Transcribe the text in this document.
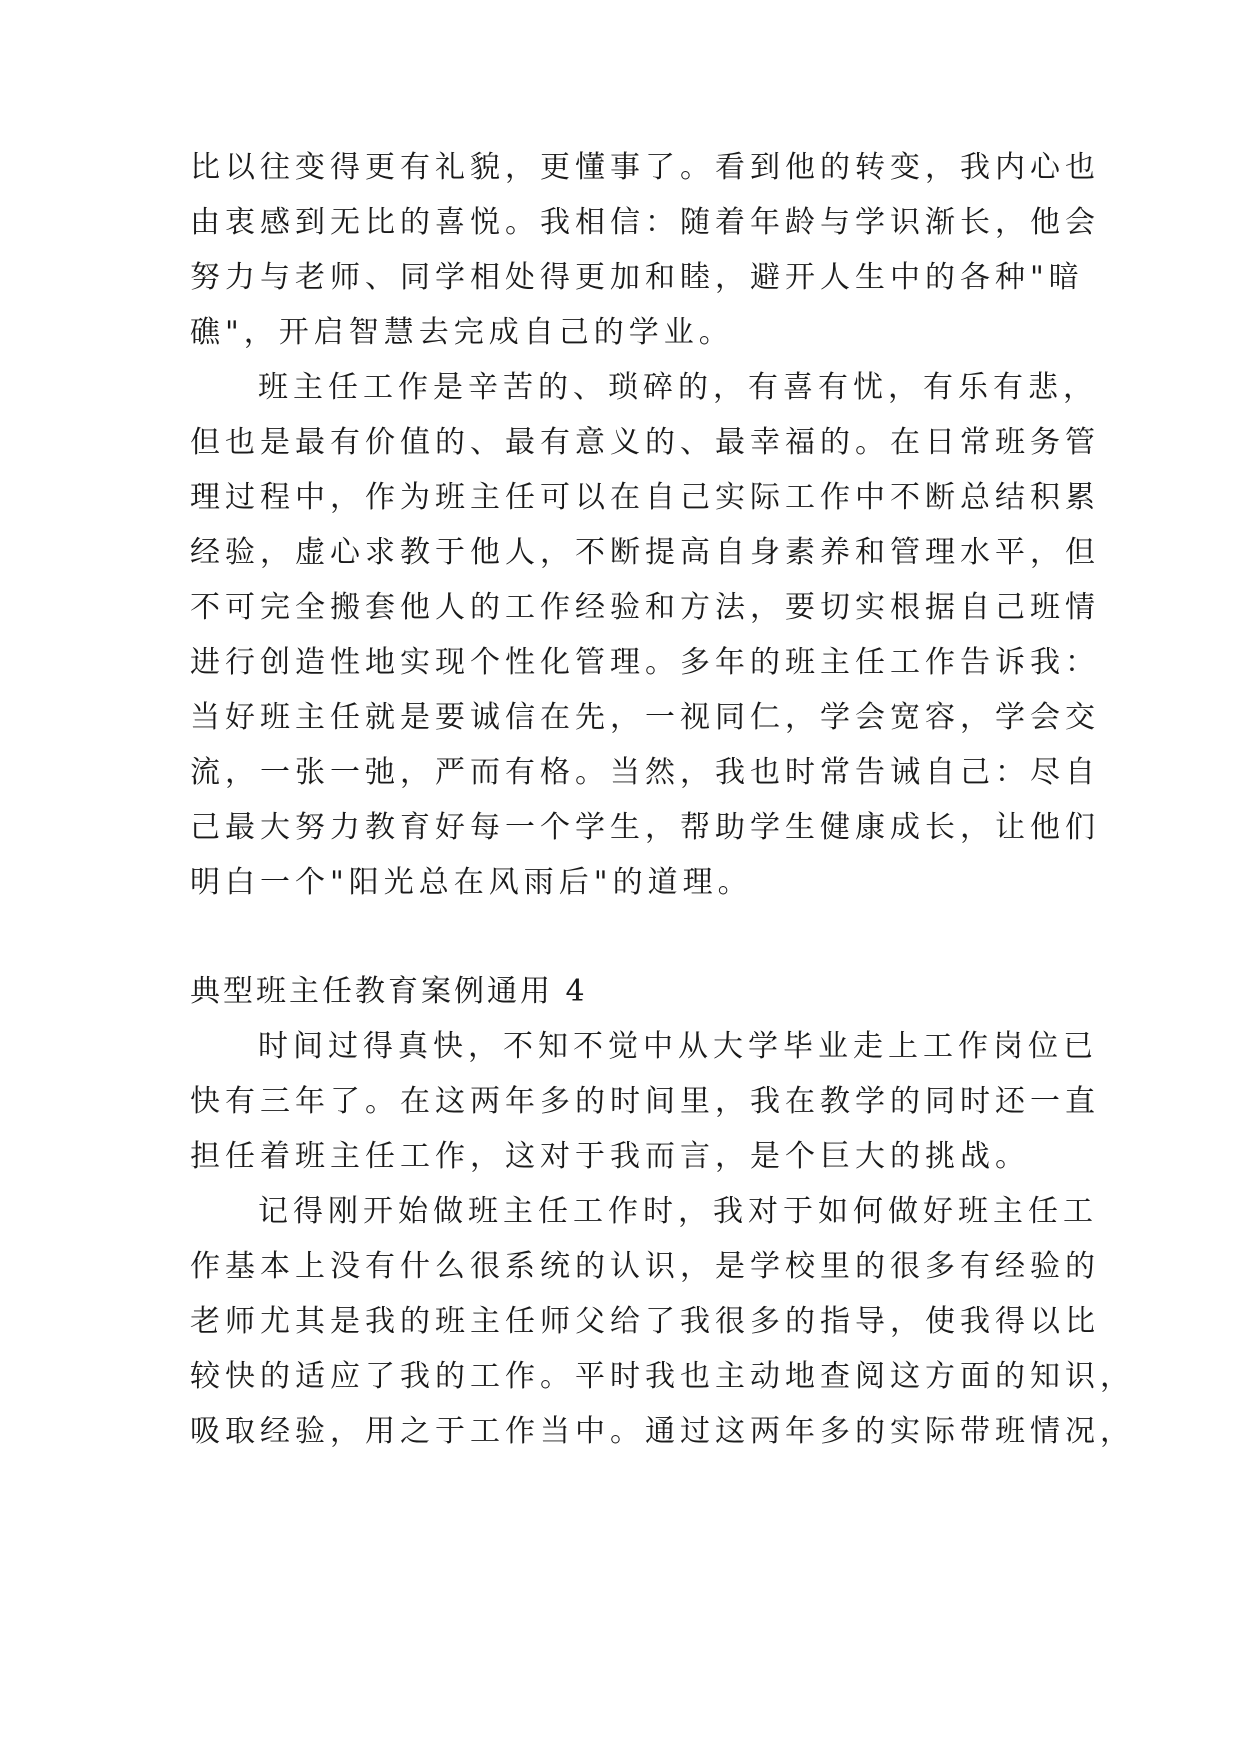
比以往变得更有礼貌，更懂事了。看到他的转变，我内心也
由衷感到无比的喜悦。我相信：随着年龄与学识渐长，他会
努力与老师、同学相处得更加和睦，避开人生中的各种"暗
礁"，开启智慧去完成自己的学业。
班主任工作是辛苦的、琐碎的，有喜有忧，有乐有悲，
但也是最有价值的、最有意义的、最幸福的。在日常班务管
理过程中，作为班主任可以在自己实际工作中不断总结积累
经验，虚心求教于他人，不断提高自身素养和管理水平，但
不可完全搬套他人的工作经验和方法，要切实根据自己班情
进行创造性地实现个性化管理。多年的班主任工作告诉我：
当好班主任就是要诚信在先，一视同仁，学会宽容，学会交
流，一张一弛，严而有格。当然，我也时常告诫自己：尽自
己最大努力教育好每一个学生，帮助学生健康成长，让他们
明白一个"阳光总在风雨后"的道理。
典型班主任教育案例通用 4
时间过得真快，不知不觉中从大学毕业走上工作岗位已
快有三年了。在这两年多的时间里，我在教学的同时还一直
担任着班主任工作，这对于我而言，是个巨大的挑战。
记得刚开始做班主任工作时，我对于如何做好班主任工
作基本上没有什么很系统的认识，是学校里的很多有经验的
老师尤其是我的班主任师父给了我很多的指导，使我得以比
较快的适应了我的工作。平时我也主动地查阅这方面的知识，
吸取经验，用之于工作当中。通过这两年多的实际带班情况，
